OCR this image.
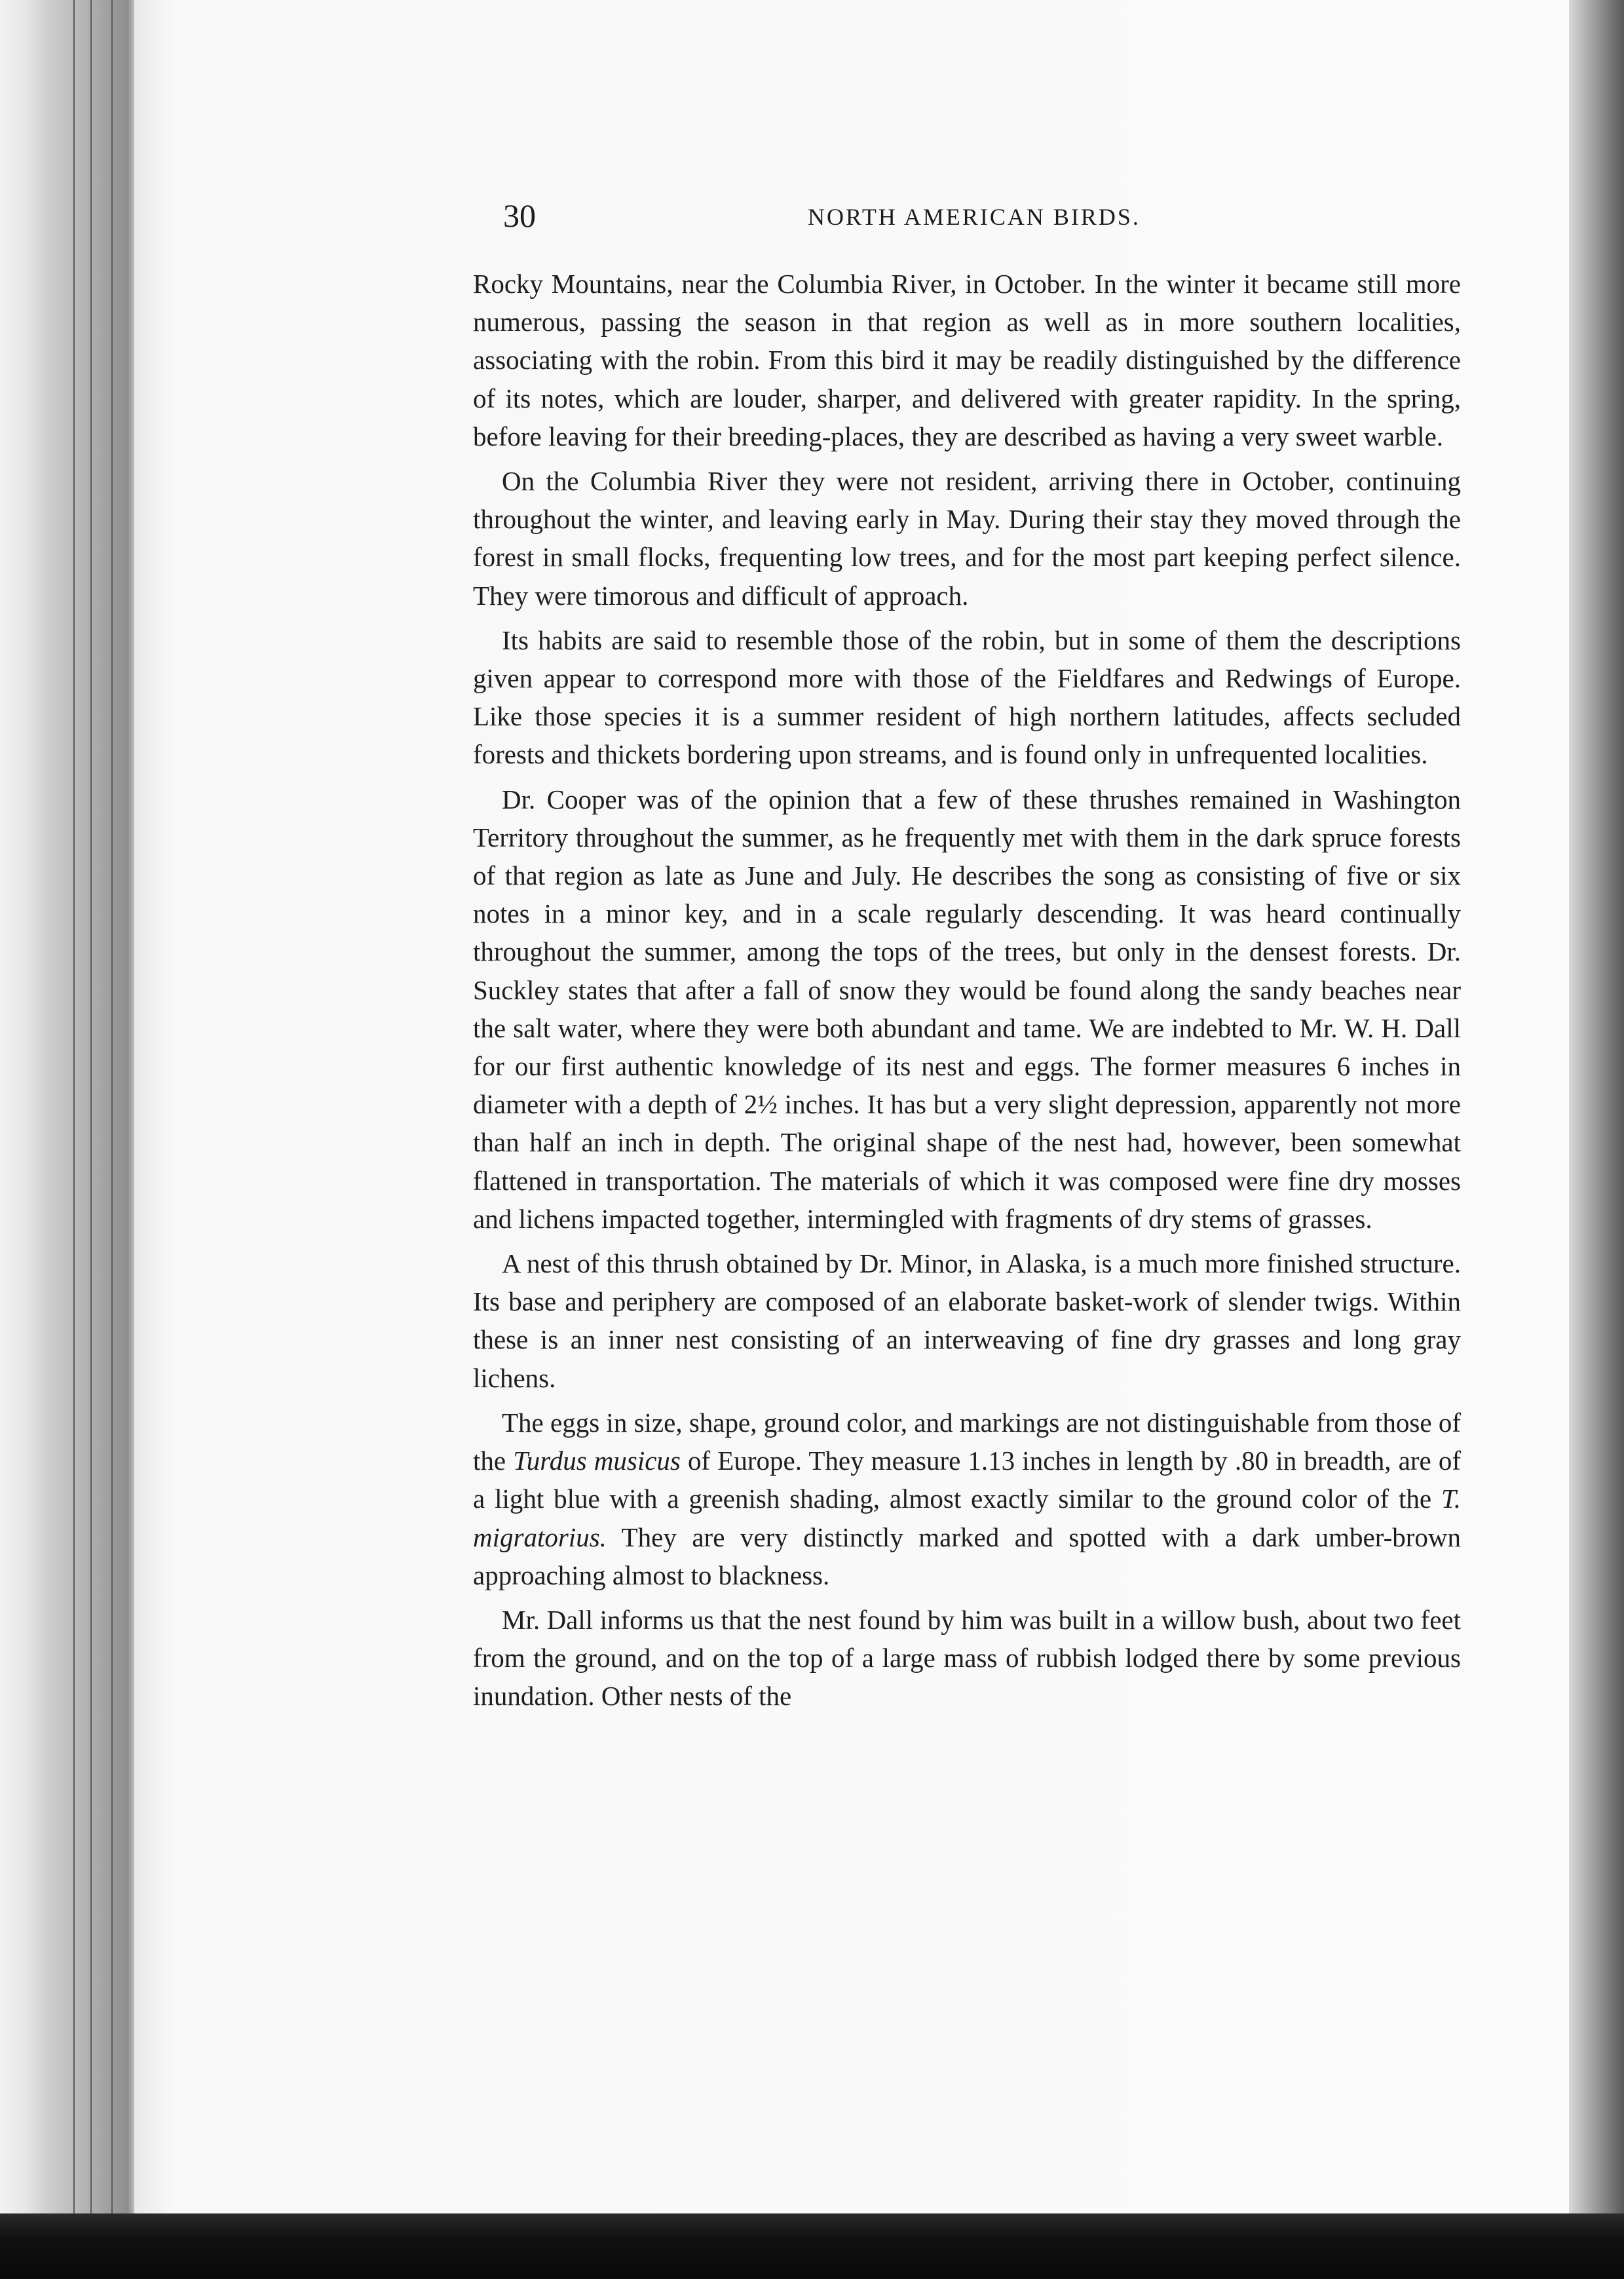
30	NORTH AMERICAN BIRDS.

Rocky Mountains, near the Columbia River, in October. In the winter it became still more numerous, passing the season in that region as well as in more southern localities, associating with the robin. From this bird it may be readily distinguished by the difference of its notes, which are louder, sharper, and delivered with greater rapidity. In the spring, before leaving for their breeding-places, they are described as having a very sweet warble.

On the Columbia River they were not resident, arriving there in October, continuing throughout the winter, and leaving early in May. During their stay they moved through the forest in small flocks, frequenting low trees, and for the most part keeping perfect silence. They were timorous and difficult of approach.

Its habits are said to resemble those of the robin, but in some of them the descriptions given appear to correspond more with those of the Fieldfares and Redwings of Europe. Like those species it is a summer resident of high northern latitudes, affects secluded forests and thickets bordering upon streams, and is found only in unfrequented localities.

Dr. Cooper was of the opinion that a few of these thrushes remained in Washington Territory throughout the summer, as he frequently met with them in the dark spruce forests of that region as late as June and July. He describes the song as consisting of five or six notes in a minor key, and in a scale regularly descending. It was heard continually throughout the summer, among the tops of the trees, but only in the densest forests. Dr. Suckley states that after a fall of snow they would be found along the sandy beaches near the salt water, where they were both abundant and tame. We are indebted to Mr. W. H. Dall for our first authentic knowledge of its nest and eggs. The former measures 6 inches in diameter with a depth of 2½ inches. It has but a very slight depression, apparently not more than half an inch in depth. The original shape of the nest had, however, been somewhat flattened in transportation. The materials of which it was composed were fine dry mosses and lichens impacted together, intermingled with fragments of dry stems of grasses.

A nest of this thrush obtained by Dr. Minor, in Alaska, is a much more finished structure. Its base and periphery are composed of an elaborate basket-work of slender twigs. Within these is an inner nest consisting of an interweaving of fine dry grasses and long gray lichens.

The eggs in size, shape, ground color, and markings are not distinguishable from those of the Turdus musicus of Europe. They measure 1.13 inches in length by .80 in breadth, are of a light blue with a greenish shading, almost exactly similar to the ground color of the T. migratorius. They are very distinctly marked and spotted with a dark umber-brown approaching almost to blackness.

Mr. Dall informs us that the nest found by him was built in a willow bush, about two feet from the ground, and on the top of a large mass of rubbish lodged there by some previous inundation. Other nests of the
